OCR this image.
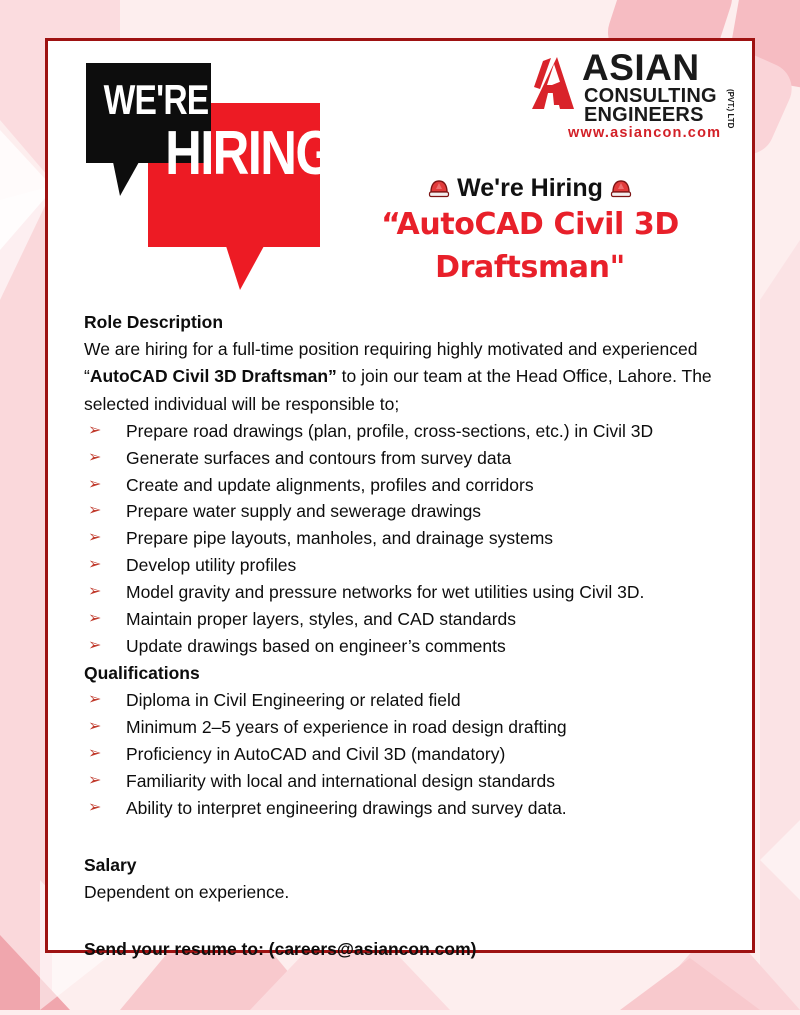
WE'RE
HIRING
ASIAN
CONSULTING
ENGINEERS	(PVT.) LTD
www.asiancon.com
We're Hiring
“AutoCAD Civil 3D
Draftsman"
Role Description

We are hiring for a full-time position requiring highly motivated and experienced “AutoCAD Civil 3D Draftsman” to join our team at the Head Office, Lahore. The selected individual will be responsible to;

➢ Prepare road drawings (plan, profile, cross-sections, etc.) in Civil 3D
➢ Generate surfaces and contours from survey data
➢ Create and update alignments, profiles and corridors
➢ Prepare water supply and sewerage drawings
➢ Prepare pipe layouts, manholes, and drainage systems
➢ Develop utility profiles
➢ Model gravity and pressure networks for wet utilities using Civil 3D.
➢ Maintain proper layers, styles, and CAD standards
➢ Update drawings based on engineer’s comments
Qualifications
➢ Diploma in Civil Engineering or related field
➢ Minimum 2–5 years of experience in road design drafting
➢ Proficiency in AutoCAD and Civil 3D (mandatory)
➢ Familiarity with local and international design standards
➢ Ability to interpret engineering drawings and survey data.
Salary

Dependent on experience.

Send your resume to: (careers@asiancon.com)
